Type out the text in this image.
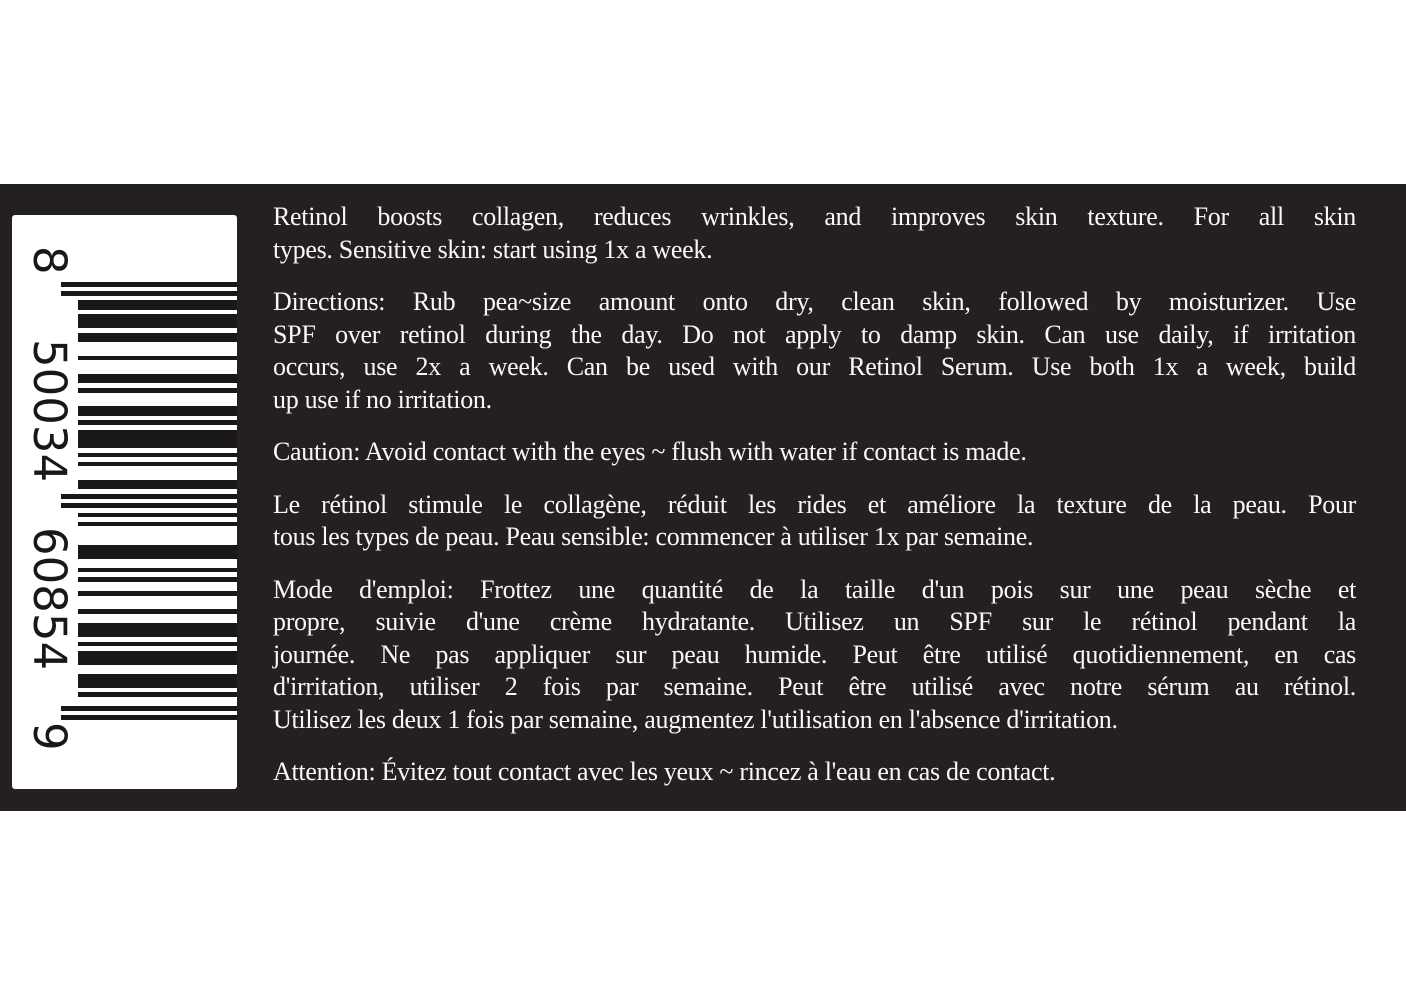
8
50034
60854
9
Retinol boosts collagen, reduces wrinkles, and improves skin texture. For all skin
types. Sensitive skin: start using 1x a week.
Directions: Rub pea~size amount onto dry, clean skin, followed by moisturizer. Use
SPF over retinol during the day. Do not apply to damp skin. Can use daily, if irritation
occurs, use 2x a week. Can be used with our Retinol Serum. Use both 1x a week, build
up use if no irritation.
Caution: Avoid contact with the eyes ~ flush with water if contact is made.
Le rétinol stimule le collagène, réduit les rides et améliore la texture de la peau. Pour
tous les types de peau. Peau sensible: commencer à utiliser 1x par semaine.
Mode d'emploi: Frottez une quantité de la taille d'un pois sur une peau sèche et
propre, suivie d'une crème hydratante. Utilisez un SPF sur le rétinol pendant la
journée. Ne pas appliquer sur peau humide. Peut être utilisé quotidiennement, en cas
d'irritation, utiliser 2 fois par semaine. Peut être utilisé avec notre sérum au rétinol.
Utilisez les deux 1 fois par semaine, augmentez l'utilisation en l'absence d'irritation.
Attention: Évitez tout contact avec les yeux ~ rincez à l'eau en cas de contact.
